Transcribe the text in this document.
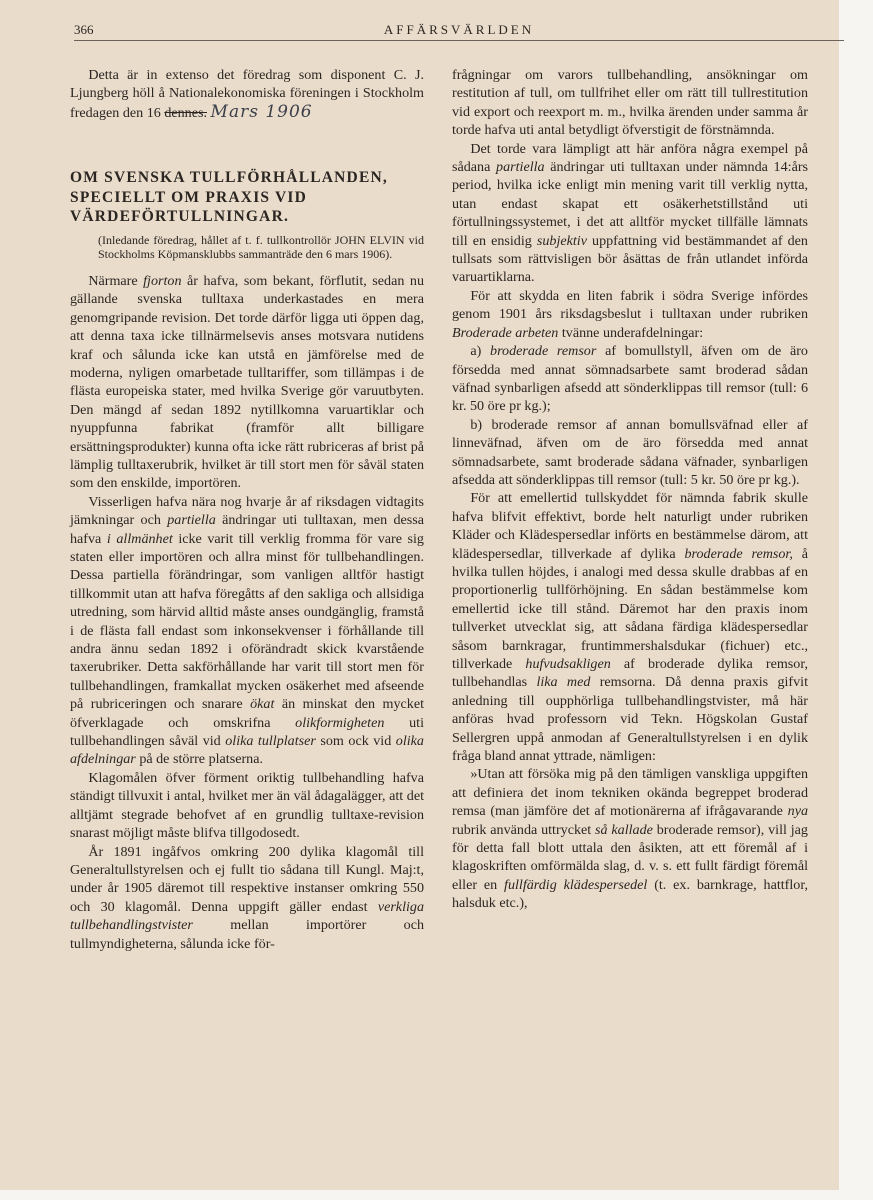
AFFÄRSVÄRLDEN
366

Detta är in extenso det föredrag som disponent C. J. Ljungberg höll å Nationalekonomiska föreningen i Stockholm fredagen den 16 dennes. Mars 1906

OM SVENSKA TULLFÖRHÅLLANDEN, SPECIELLT OM PRAXIS VID VÄRDEFÖRTULLNINGAR.

(Inledande föredrag, hållet af t. f. tullkontrollör JOHN ELVIN vid Stockholms Köpmansklubbs sammanträde den 6 mars 1906).

Närmare fjorton år hafva, som bekant, förflutit, sedan nu gällande svenska tulltaxa underkastades en mera genomgripande revision. Det torde därför ligga uti öppen dag, att denna taxa icke tillnärmelsevis anses motsvara nutidens kraf och sålunda icke kan utstå en jämförelse med de moderna, nyligen omarbetade tulltariffer, som tillämpas i de flästa europeiska stater, med hvilka Sverige gör varuutbyten. Den mängd af sedan 1892 nytillkomna varuartiklar och nyuppfunna fabrikat (framför allt billigare ersättningsprodukter) kunna ofta icke rätt rubriceras af brist på lämplig tulltaxerubrik, hvilket är till stort men för såväl staten som den enskilde, importören.

Visserligen hafva nära nog hvarje år af riksdagen vidtagits jämkningar och partiella ändringar uti tulltaxan, men dessa hafva i allmänhet icke varit till verklig fromma för vare sig staten eller importören och allra minst för tullbehandlingen. Dessa partiella förändringar, som vanligen alltför hastigt tillkommit utan att hafva föregåtts af den sakliga och allsidiga utredning, som härvid alltid måste anses oundgänglig, framstå i de flästa fall endast som inkonsekvenser i förhållande till andra ännu sedan 1892 i oförändradt skick kvarstående taxerubriker. Detta sakförhållande har varit till stort men för tullbehandlingen, framkallat mycken osäkerhet med afseende på rubriceringen och snarare ökat än minskat den mycket öfverklagade och omskrifna olikformigheten uti tullbehandlingen såväl vid olika tullplatser som ock vid olika afdelningar på de större platserna.

Klagomålen öfver förment oriktig tullbehandling hafva ständigt tillvuxit i antal, hvilket mer än väl ådagalägger, att det alltjämt stegrade behofvet af en grundlig tulltaxe-revision snarast möjligt måste blifva tillgodosedt.

År 1891 ingåfvos omkring 200 dylika klagomål till Generaltullstyrelsen och ej fullt tio sådana till Kungl. Maj:t, under år 1905 däremot till respektive instanser omkring 550 och 30 klagomål. Denna uppgift gäller endast verkliga tullbehandlingstvister	mellan importörer och tullmyndigheterna, sålunda icke för-

frågningar om varors tullbehandling, ansökningar om restitution af tull, om tullfrihet eller om rätt till tullrestitution vid export och reexport m. m., hvilka ärenden under samma år torde hafva uti antal betydligt öfverstigit de förstnämnda.

Det torde vara lämpligt att här anföra några exempel på sådana partiella ändringar uti tulltaxan under nämnda 14:års period, hvilka icke enligt min mening varit till verklig nytta, utan endast skapat ett osäkerhetstillstånd uti förtullningssystemet, i det att alltför mycket tillfälle lämnats till en ensidig subjektiv uppfattning vid bestämmandet af den tullsats som rättvisligen bör åsättas de från utlandet införda varuartiklarna.

För att skydda en liten fabrik i södra Sverige infördes genom 1901 års riksdagsbeslut i tulltaxan under rubriken Broderade arbeten tvänne underafdelningar:

a) broderade remsor af bomullstyll, äfven om de äro försedda med annat sömnadsarbete samt broderad sådan väfnad synbarligen afsedd att sönderklippas till remsor (tull: 6 kr. 50 öre pr kg.);

b) broderade remsor af annan bomullsväfnad eller af linneväfnad, äfven om de äro försedda med annat sömnadsarbete, samt broderade sådana väfnader, synbarligen afsedda att sönderklippas till remsor (tull: 5 kr. 50 öre pr kg.).

För att emellertid tullskyddet för nämnda fabrik skulle hafva blifvit effektivt, borde helt naturligt under rubriken Kläder och Klädespersedlar införts en bestämmelse därom, att klädespersedlar, tillverkade af dylika broderade remsor, å hvilka tullen höjdes, i analogi med dessa skulle drabbas af en proportionerlig tullförhöjning. En sådan bestämmelse kom emellertid icke till stånd. Däremot har den praxis inom tullverket utvecklat sig, att sådana färdiga klädespersedlar såsom barnkragar, fruntimmershalsdukar (fichuer) etc., tillverkade hufvudsakligen af broderade dylika remsor, tullbehandlas lika med remsorna. Då denna praxis gifvit anledning till oupphörliga tullbehandlingstvister, må här anföras hvad professorn vid Tekn. Högskolan Gustaf Sellergren uppå anmodan af Generaltullstyrelsen i en dylik fråga bland annat yttrade, nämligen:

»Utan att försöka mig på den tämligen vanskliga uppgiften att definiera det inom tekniken okända begreppet broderad remsa (man jämföre det af motionärerna af ifrågavarande nya rubrik använda uttrycket så kallade broderade remsor), vill jag för detta fall blott uttala den åsikten, att ett föremål af i klagoskriften omförmälda slag, d. v. s. ett fullt färdigt föremål eller en fullfärdig klädespersedel (t. ex. barnkrage, hattflor, halsduk etc.),
